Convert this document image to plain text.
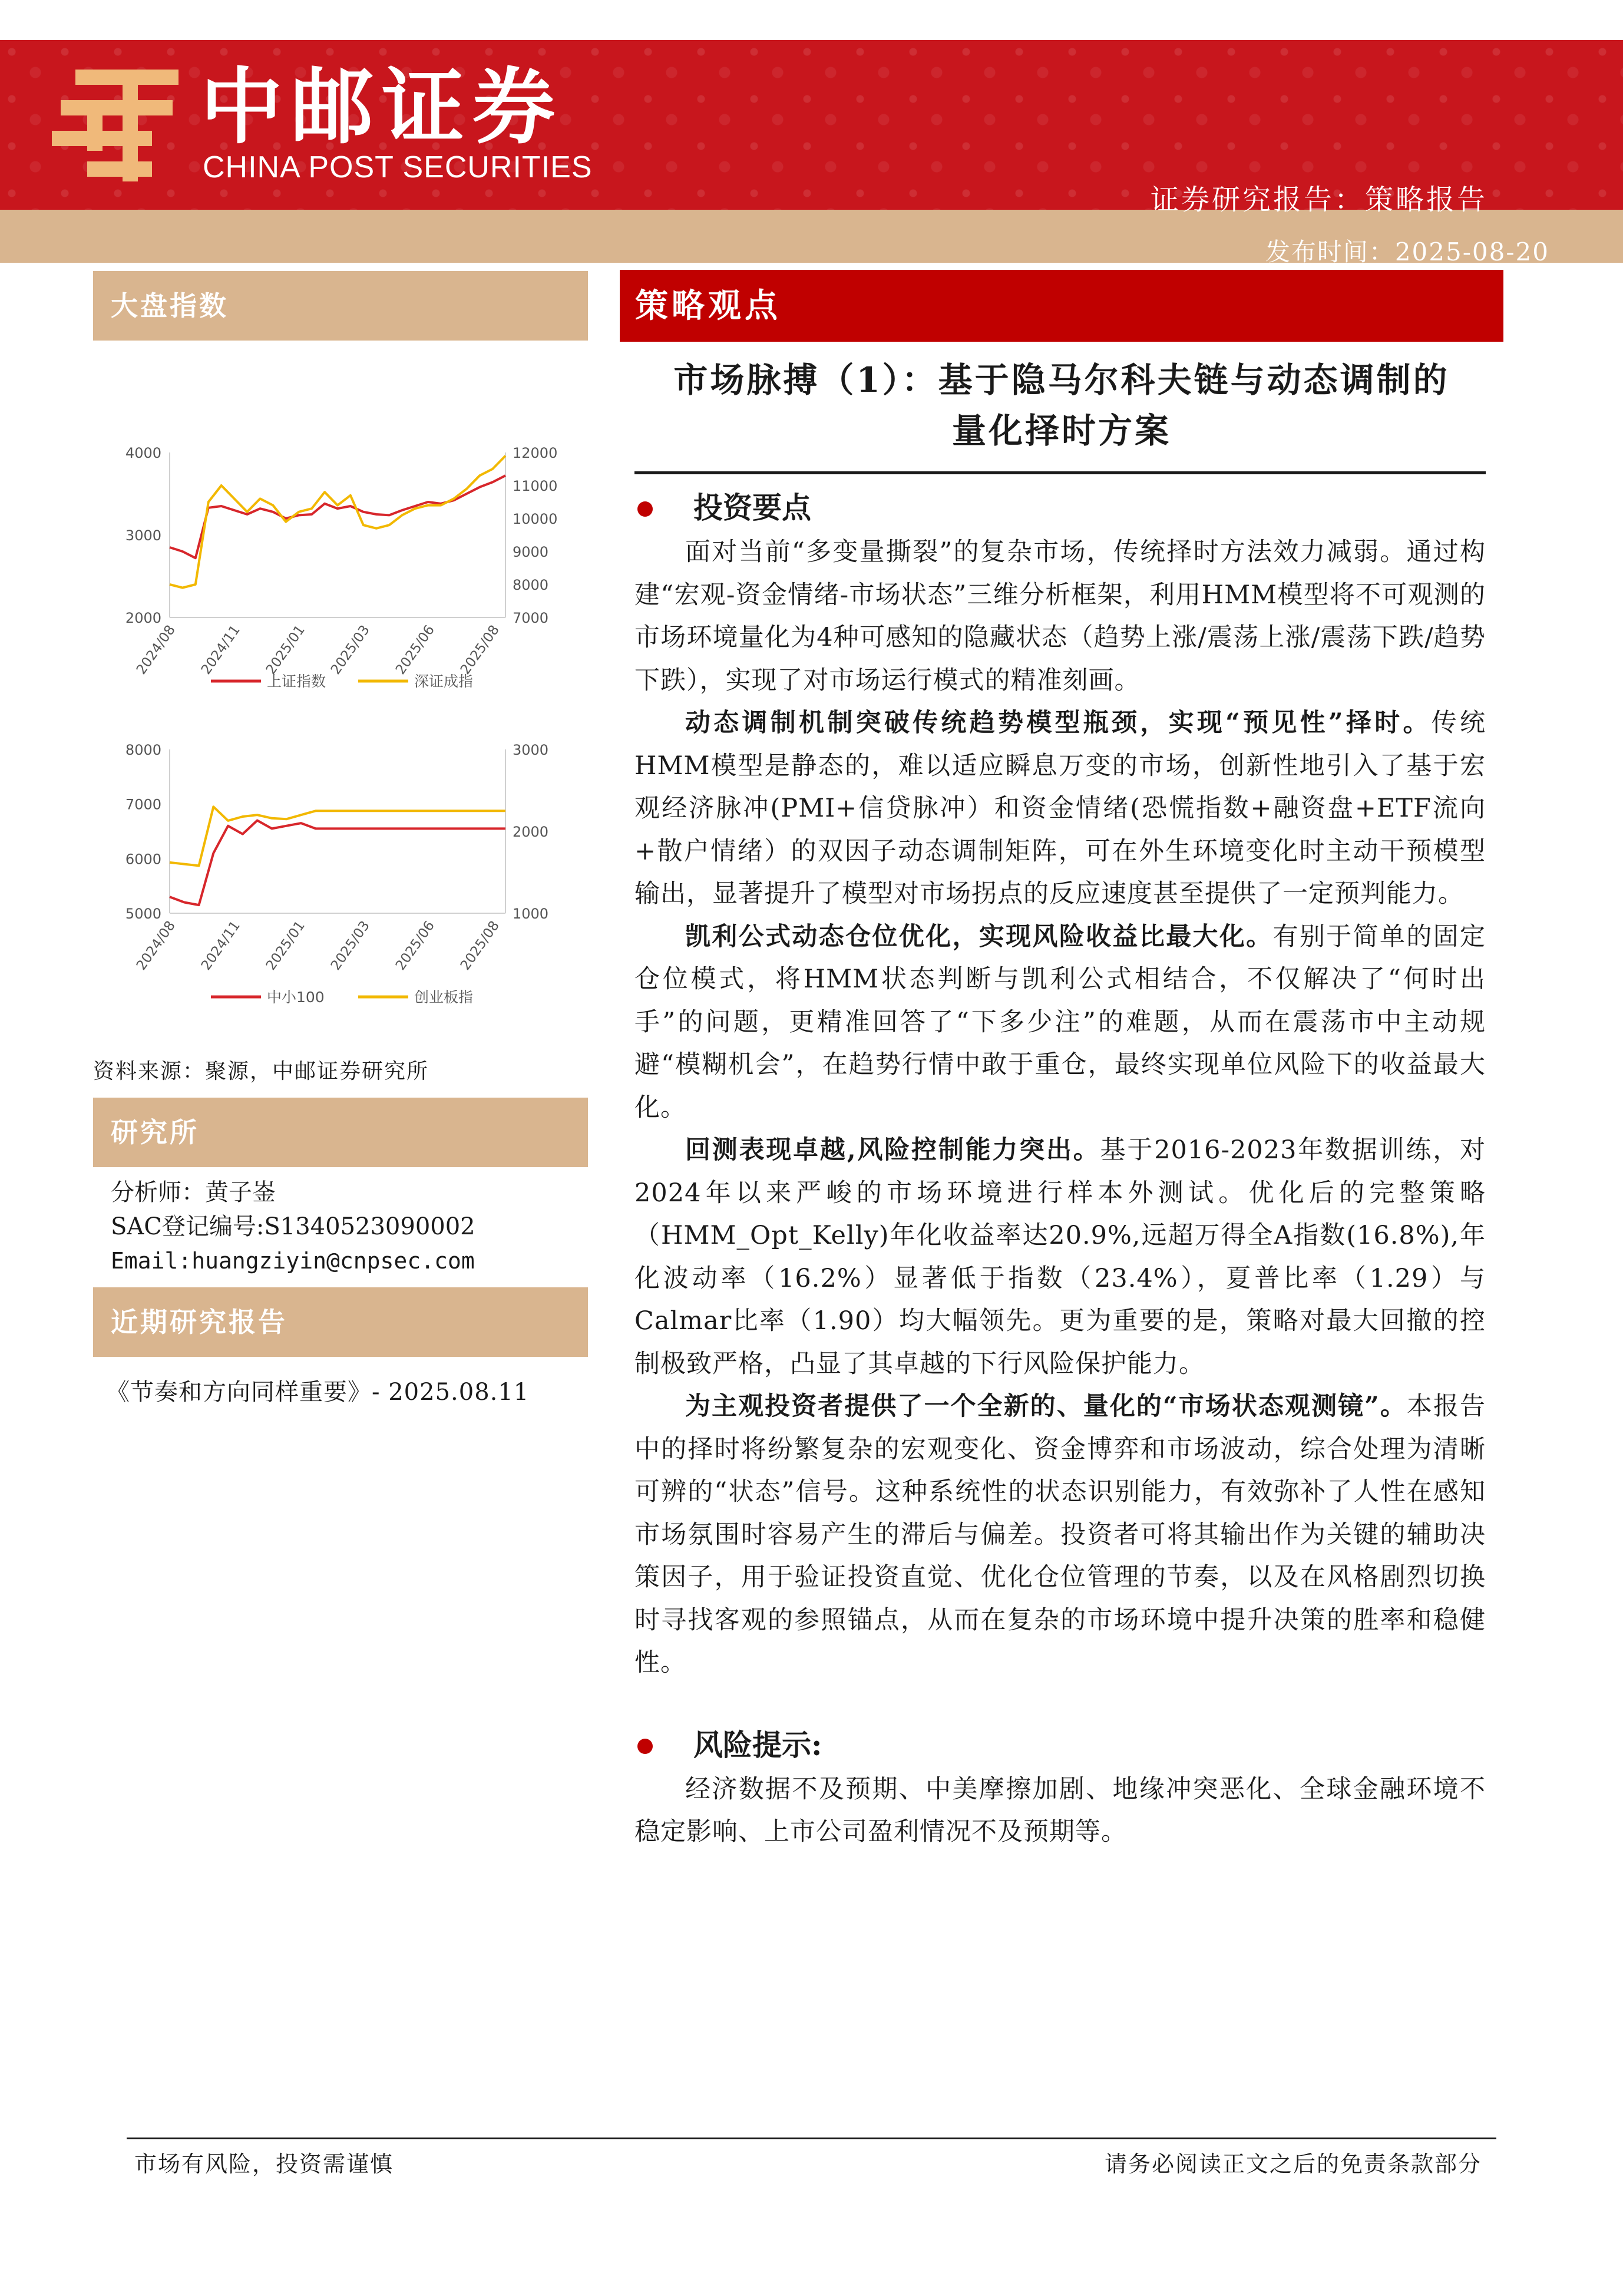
中邮证券
CHINA POST SECURITIES
证券研究报告：策略报告
发布时间：2025-08-20
大盘指数
4000
3000
2000
12000
11000
10000
9000
8000
7000
2024/08 2024/11 2025/01 2025/03 2025/06 2025/08
上证指数	深证成指
8000
7000
6000
5000
3000
2000
1000
2024/08 2024/11 2025/01 2025/03 2025/06 2025/08
中小100	创业板指
资料来源：聚源，中邮证券研究所
研究所
分析师：黄子崟
SAC登记编号:S1340523090002
Email:huangziyin@cnpsec.com
近期研究报告
《节奏和方向同样重要》- 2025.08.11
策略观点
市场脉搏（1）：基于隐马尔科夫链与动态调制的
量化择时方案
投资要点

面对当前“多变量撕裂”的复杂市场，传统择时方法效力减弱。通过构建“宏观-资金情绪-市场状态”三维分析框架，利用HMM模型将不可观测的市场环境量化为4种可感知的隐藏状态（趋势上涨/震荡上涨/震荡下跌/趋势下跌），实现了对市场运行模式的精准刻画。

动态调制机制突破传统趋势模型瓶颈，实现“预见性”择时。传统HMM模型是静态的，难以适应瞬息万变的市场，创新性地引入了基于宏观经济脉冲(PMI+信贷脉冲）和资金情绪(恐慌指数+融资盘+ETF流向+散户情绪）的双因子动态调制矩阵，可在外生环境变化时主动干预模型输出，显著提升了模型对市场拐点的反应速度甚至提供了一定预判能力。

凯利公式动态仓位优化，实现风险收益比最大化。有别于简单的固定仓位模式，将HMM状态判断与凯利公式相结合，不仅解决了“何时出手”的问题，更精准回答了“下多少注”的难题，从而在震荡市中主动规避“模糊机会”，在趋势行情中敢于重仓，最终实现单位风险下的收益最大化。

回测表现卓越,风险控制能力突出。基于2016-2023年数据训练，对2024年以来严峻的市场环境进行样本外测试。优化后的完整策略（HMM_Opt_Kelly)年化收益率达20.9%,远超万得全A指数(16.8%),年化波动率（16.2%）显著低于指数（23.4%），夏普比率（1.29）与Calmar比率（1.90）均大幅领先。更为重要的是，策略对最大回撤的控制极致严格，凸显了其卓越的下行风险保护能力。

为主观投资者提供了一个全新的、量化的“市场状态观测镜”。本报告中的择时将纷繁复杂的宏观变化、资金博弈和市场波动，综合处理为清晰可辨的“状态”信号。这种系统性的状态识别能力，有效弥补了人性在感知市场氛围时容易产生的滞后与偏差。投资者可将其输出作为关键的辅助决策因子，用于验证投资直觉、优化仓位管理的节奏，以及在风格剧烈切换时寻找客观的参照锚点，从而在复杂的市场环境中提升决策的胜率和稳健性。

风险提示:

经济数据不及预期、中美摩擦加剧、地缘冲突恶化、全球金融环境不稳定影响、上市公司盈利情况不及预期等。

市场有风险，投资需谨慎	请务必阅读正文之后的免责条款部分
